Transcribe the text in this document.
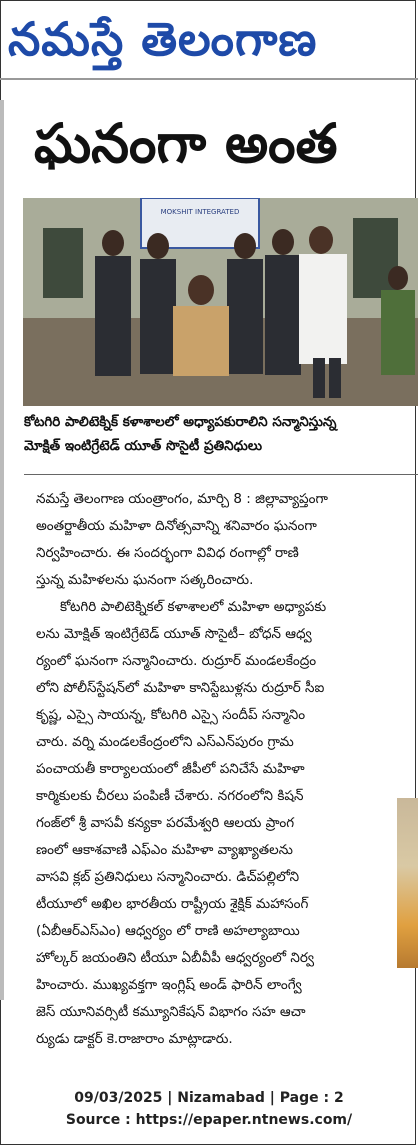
నమస్తే తెలంగాణ
ఘనంగా అంత
MOKSHIT INTEGRATED
కోటగిరి పాలిటెక్నిక్ కళాశాలలో అధ్యాపకురాలిని సన్మానిస్తున్న
మోక్షిత్ ఇంటిగ్రేటెడ్ యూత్ సొసైటీ ప్రతినిధులు
నమస్తే తెలంగాణ యంత్రాంగం, మార్చి 8 : జిల్లావ్యాప్తంగా
అంతర్జాతీయ మహిళా దినోత్సవాన్ని శనివారం ఘనంగా
నిర్వహించారు. ఈ సందర్భంగా వివిధ రంగాల్లో రాణి
స్తున్న మహిళలను ఘనంగా సత్కరించారు.
కోటగిరి పాలిటెక్నికల్ కళాశాలలో మహిళా అధ్యాపకు
లను మోక్షిత్ ఇంటిగ్రేటెడ్ యూత్ సొసైటీ– బోధన్ ఆధ్వ
ర్యంలో ఘనంగా సన్మానించారు. రుద్రూర్ మండలకేంద్రం
లోని పోలీస్‌స్టేషన్‌లో మహిళా కానిస్టేబుళ్లను రుద్రూర్ సీఐ
కృష్ణ, ఎస్సై సాయన్న, కోటగిరి ఎస్సై సందీప్ సన్మానిం
చారు. వర్ని మండలకేంద్రంలోని ఎస్ఎన్‌పురం గ్రామ
పంచాయతీ కార్యాలయంలో జీపీలో పనిచేసే మహిళా
కార్మికులకు చీరలు పంపిణీ చేశారు. నగరంలోని కిషన్
గంజ్‌లో శ్రీ వాసవీ కన్యకా పరమేశ్వరి ఆలయ ప్రాంగ
ణంలో ఆకాశవాణి ఎఫ్ఎం మహిళా వ్యాఖ్యాతలను
వాసవి క్లబ్ ప్రతినిధులు సన్మానించారు. డిచ్‌పల్లిలోని
టీయూలో అఖిల భారతీయ రాష్ట్రీయ శైక్షిక్ మహాసంగ్
(ఏబీఆర్ఎస్ఎం) ఆధ్వర్యం లో రాణి అహల్యాబాయి
హోల్కర్ జయంతిని టీయూ ఏబీవీపీ ఆధ్వర్యంలో నిర్వ
హించారు. ముఖ్యవక్తగా ఇంగ్లిష్ అండ్ ఫారిన్ లాంగ్వే
జెస్ యూనివర్సిటీ కమ్యూనికేషన్ విభాగం సహ ఆచా
ర్యుడు డాక్టర్ కె.రాజారాం మాట్లాడారు.
09/03/2025 | Nizamabad | Page : 2
Source : https://epaper.ntnews.com/
